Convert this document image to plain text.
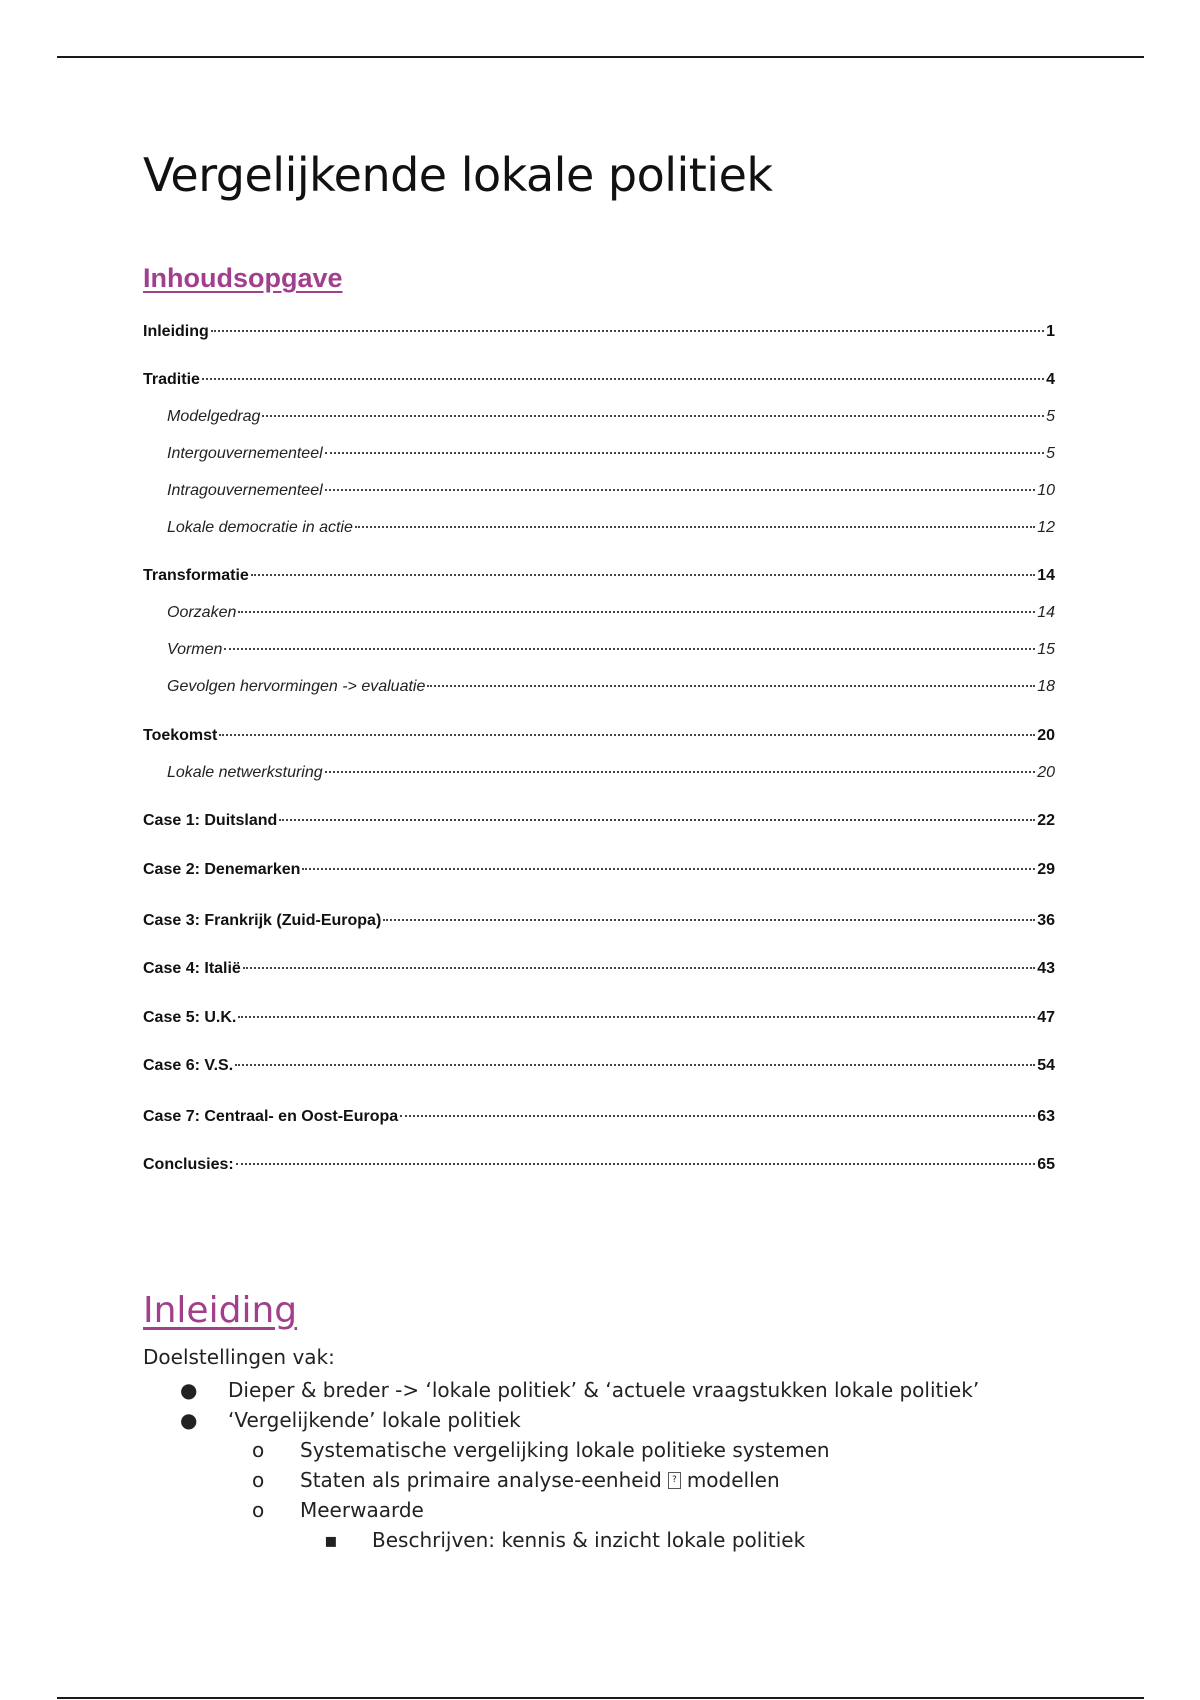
Vergelijkende lokale politiek
Inhoudsopgave
Inleiding	1
Traditie	4
Modelgedrag	5
Intergouvernementeel	5
Intragouvernementeel	10
Lokale democratie in actie	12
Transformatie	14
Oorzaken	14
Vormen	15
Gevolgen hervormingen -> evaluatie	18
Toekomst	20
Lokale netwerksturing	20
Case 1: Duitsland	22
Case 2: Denemarken	29
Case 3: Frankrijk (Zuid-Europa)	36
Case 4: Italië	43
Case 5: U.K.	47
Case 6: V.S.	54
Case 7: Centraal- en Oost-Europa	63
Conclusies:	65
Inleiding

Doelstellingen vak:

●	Dieper & breder -> ‘lokale politiek’ & ‘actuele vraagstukken lokale politiek’
●	‘Vergelijkende’ lokale politiek
o	Systematische vergelijking lokale politieke systemen
o	Staten als primaire analyse-eenheid	? modellen
o	Meerwaarde
▪	Beschrijven: kennis & inzicht lokale politiek
